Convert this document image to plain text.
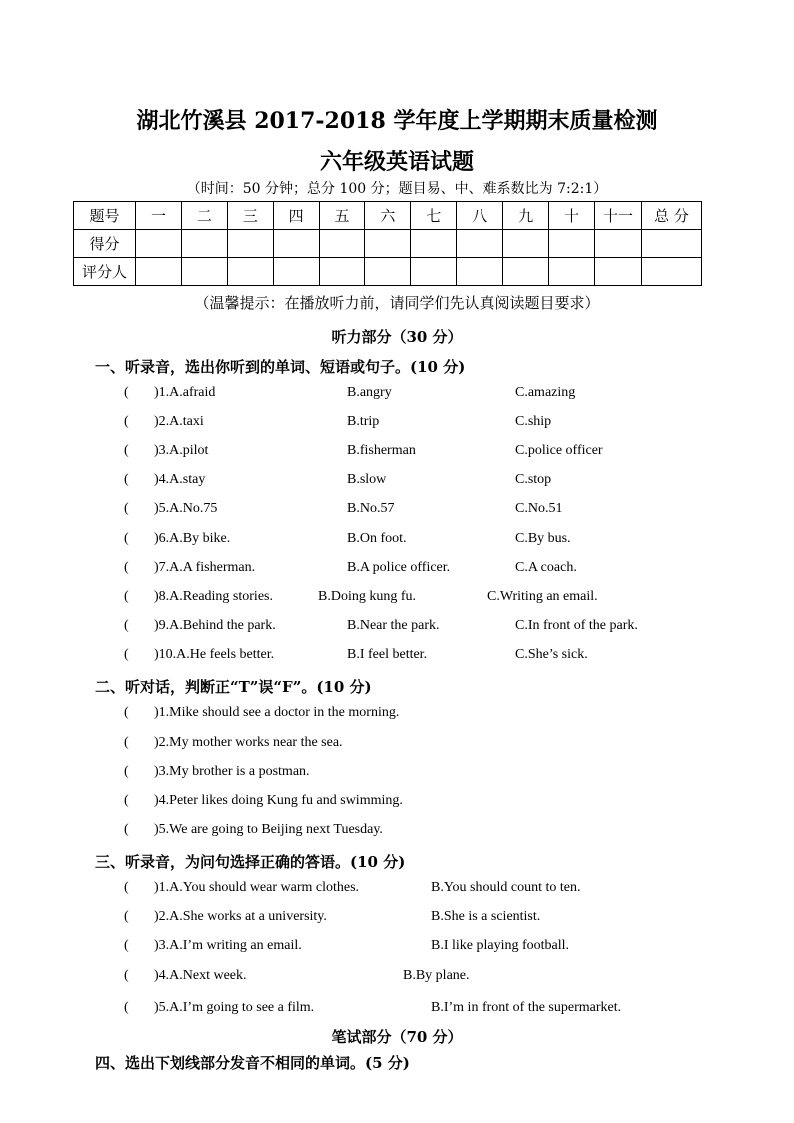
湖北竹溪县 2017-2018 学年度上学期期末质量检测
六年级英语试题
（时间：50 分钟；总分 100 分；题目易、中、难系数比为 7:2:1）
题号	一	二	三	四	五	六	七	八	九	十	十一	总 分
得分												
评分人												
（温馨提示：在播放听力前，请同学们先认真阅读题目要求）
听力部分（30 分）
一、听录音，选出你听到的单词、短语或句子。(10 分)
( )1.A.afraid	B.angry	C.amazing
( )2.A.taxi	B.trip	C.ship
( )3.A.pilot	B.fisherman	C.police officer
( )4.A.stay	B.slow	C.stop
( )5.A.No.75	B.No.57	C.No.51
( )6.A.By bike.	B.On foot.	C.By bus.
( )7.A.A fisherman.	B.A police officer.	C.A coach.
( )8.A.Reading stories.	B.Doing kung fu.	C.Writing an email.
( )9.A.Behind the park.	B.Near the park.	C.In front of the park.
( )10.A.He feels better.	B.I feel better.	C.She’s sick.
二、听对话，判断正“T”误“F”。(10 分)
( )1.Mike should see a doctor in the morning.
( )2.My mother works near the sea.
( )3.My brother is a postman.
( )4.Peter likes doing Kung fu and swimming.
( )5.We are going to Beijing next Tuesday.
三、听录音，为问句选择正确的答语。(10 分)
( )1.A.You should wear warm clothes.	B.You should count to ten.
( )2.A.She works at a university.	B.She is a scientist.
( )3.A.I’m writing an email.	B.I like playing football.
( )4.A.Next week.	B.By plane.
( )5.A.I’m going to see a film.	B.I’m in front of the supermarket.
笔试部分（70 分）
四、选出下划线部分发音不相同的单词。(5 分)
